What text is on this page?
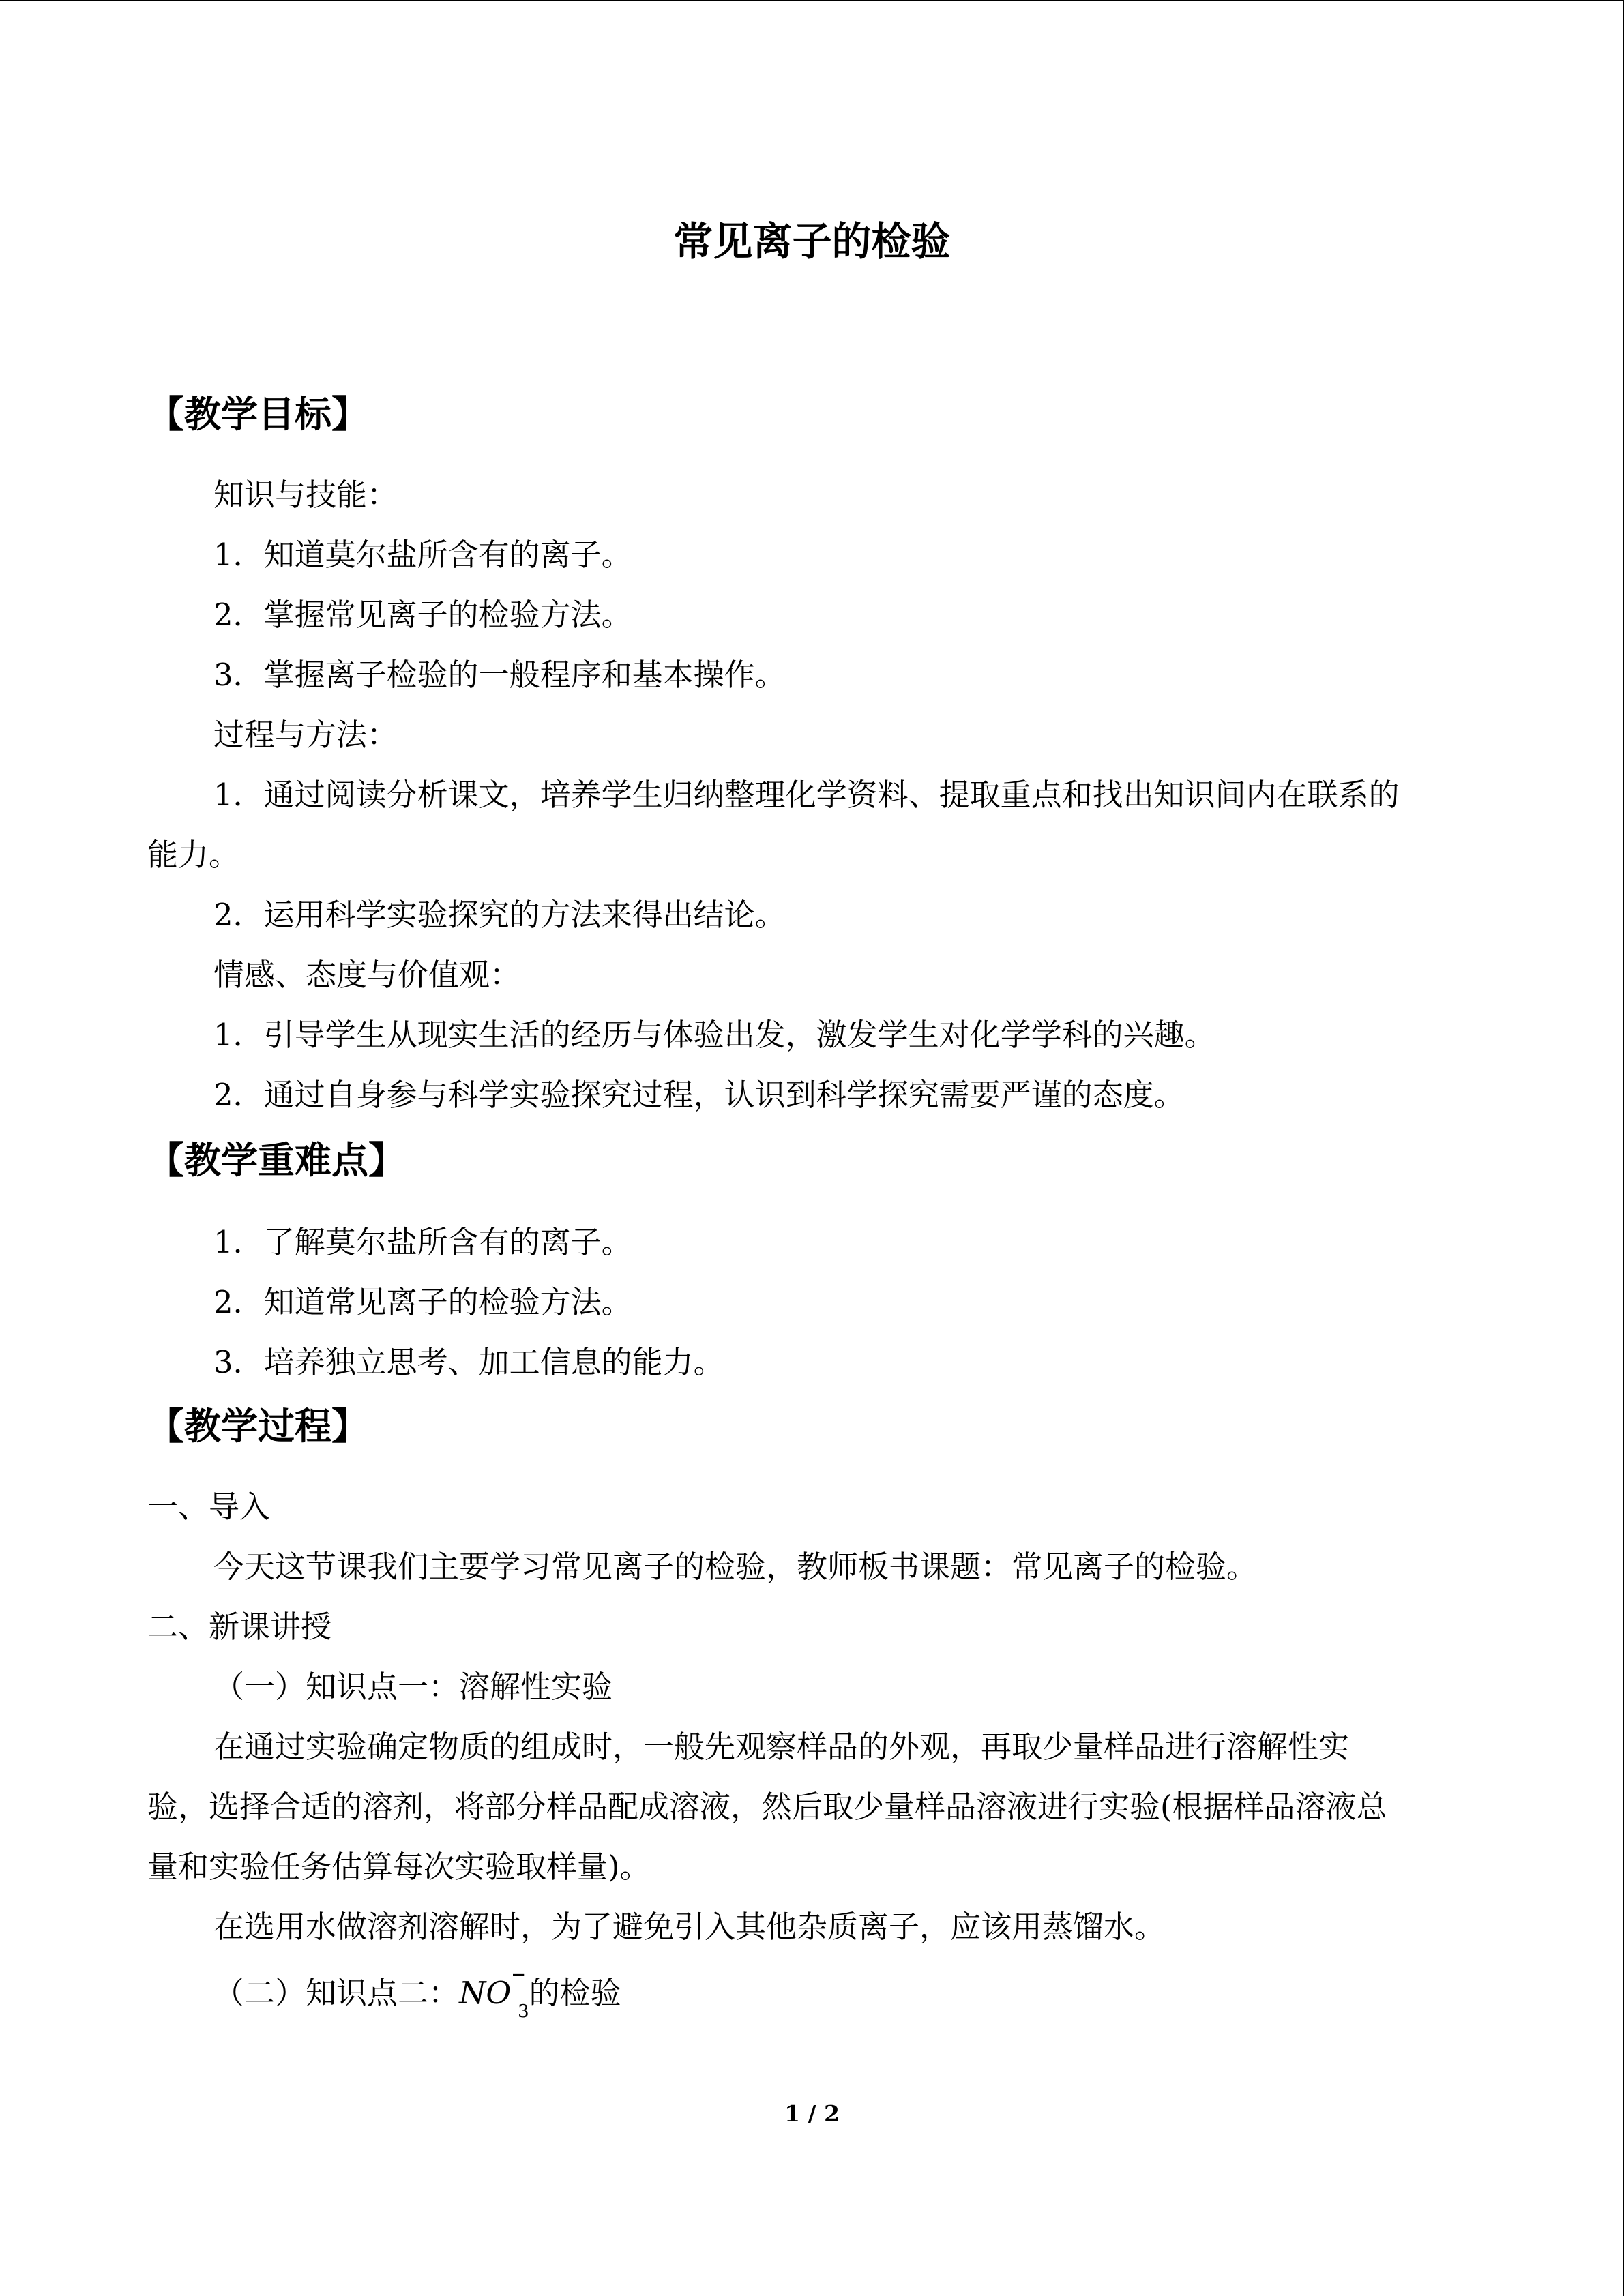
常见离子的检验
【教学目标】
知识与技能：
1．知道莫尔盐所含有的离子。
2．掌握常见离子的检验方法。
3．掌握离子检验的一般程序和基本操作。
过程与方法：
1．通过阅读分析课文，培养学生归纳整理化学资料、提取重点和找出知识间内在联系的
能力。
2．运用科学实验探究的方法来得出结论。
情感、态度与价值观：
1．引导学生从现实生活的经历与体验出发，激发学生对化学学科的兴趣。
2．通过自身参与科学实验探究过程，认识到科学探究需要严谨的态度。
【教学重难点】
1．了解莫尔盐所含有的离子。
2．知道常见离子的检验方法。
3．培养独立思考、加工信息的能力。
【教学过程】
一、导入
今天这节课我们主要学习常见离子的检验，教师板书课题：常见离子的检验。
二、新课讲授
（一）知识点一：溶解性实验
在通过实验确定物质的组成时，一般先观察样品的外观，再取少量样品进行溶解性实
验，选择合适的溶剂，将部分样品配成溶液，然后取少量样品溶液进行实验(根据样品溶液总
量和实验任务估算每次实验取样量)。
在选用水做溶剂溶解时，为了避免引入其他杂质离子，应该用蒸馏水。
（二）知识点二：$NO^-_3$的检验
1 / 2
